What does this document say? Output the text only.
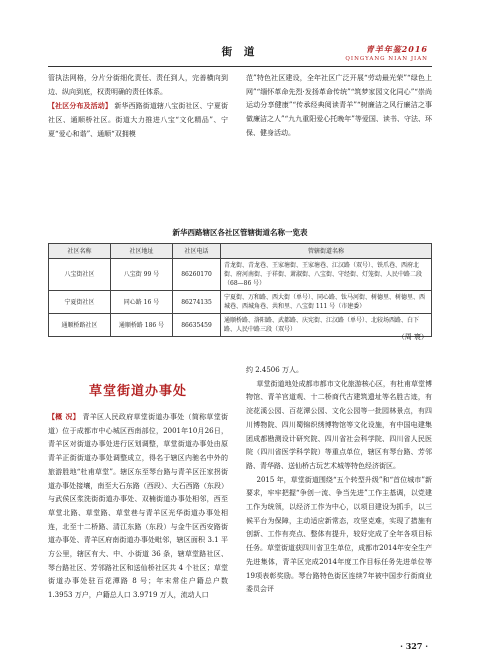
街 道	青羊年鉴2016
QINGYANG NIAN JIAN

管执法网格，分片分街细化责任、责任到人，完善横向到边、纵向到底，权责明确的责任体系。

【社区分布及活动】 新华西路街道辖八宝街社区、宁夏街社区、通顺桥社区。街道大力推进八宝“文化精品”、宁夏“爱心和谐”、通顺“双拥模

范”特色社区建设，全年社区广泛开展“劳动最光荣”“绿色上网”“缅怀革命先烈·发扬革命传统”“筑梦家园文化同心”“崇尚运动分享健康”“传承经典阅读青羊”“树廉洁之风行廉洁之事做廉洁之人”“九九重阳爱心托晚年”等爱国、读书、守法、环保、健身活动。

新华西路辖区各社区管辖街道名称一览表
社区名称	社区地址	社区电话	管辖街道名称
八宝街社区	八宝街 99 号	86260170	青龙街、青龙巷、王家塘街、王家塘巷、江汉路（双号）、铁爪巷、西府北街、府河南街、于祥街、萧淑街、八宝街、守经街、灯笼街、人民中路二段（68—86 号）
宁夏街社区	同心路 16 号	86274135	宁夏街、万和路、西大街（单号）、同心路、钛马河街、树德里、树德里、西城巷、西城角巷、共和里、八宝街 111 号（市建委）
通顺桥路社区	通顺桥路 186 号	86635459	通顺桥路、洛阳路、武都路、庆宪街、江汉路（单号）、北较场西路、白下路、人民中路三段（双号）
（周 寰）
草堂街道办事处

【概 况】 青羊区人民政府草堂街道办事处（简称草堂街道）位于成都市中心城区西南部位，2001年10月26日，青羊区对街道办事处进行区划调整，草堂街道办事处由原青羊正街街道办事处调整成立，得名于辖区内驰名中外的旅游胜地“杜甫草堂”。辖区东至琴台路与青羊区汪家拐街道办事处接壤，南至大石东路（西段）、大石西路（东段）与武侯区浆洗街街道办事处、双楠街道办事处相邻，西至草堂北路、草堂路、草堂巷与青羊区光华街道办事处相连，北至十二桥路、清江东路（东段）与金牛区西安路街道办事处、青羊区府南街道办事处毗邻，辖区面积 3.1 平方公里，辖区有大、中、小街道 36 条，辖草堂路社区、琴台路社区、芳邻路社区和送仙桥社区共 4 个社区；草堂街道办事处驻百花潭路 8 号；年末常住户籍总户数 1.3953 万户，户籍总人口 3.9719 万人，流动人口

约 2.4506 万人。

草堂街道地处成都市都市文化旅游核心区，有杜甫草堂博物馆、青羊宫道观、十二桥商代古建筑遗址等名胜古迹，有浣花溪公园、百花潭公园、文化公园等一批园林景点，有四川博物院、四川蜀锦织绣博物馆等文化设施，有中国电建集团成都勘测设计研究院、四川省社会科学院、四川省人民医院（四川省医学科学院）等重点单位，辖区有琴台路、芳邻路、青华路、送仙桥古玩艺术城等特色经济街区。

2015 年，草堂街道围绕“五个转型升级”和“首位城市”新要求，牢牢把握“争创一流、争当先进”工作主基调，以党建工作为统领，以经济工作为中心，以项目建设为抓手，以三候平台为保障，主动适应新常态，攻坚克难，实现了措施有创新、工作有亮点、整体有提升，较好完成了全年各项目标任务。草堂街道获四川省卫生单位，成都市2014年安全生产先进集体，青羊区完成2014年度工作目标任务先进单位等19项表彰奖励。琴台路特色街区连续7年被中国步行街商业委员会评

· 327 ·
